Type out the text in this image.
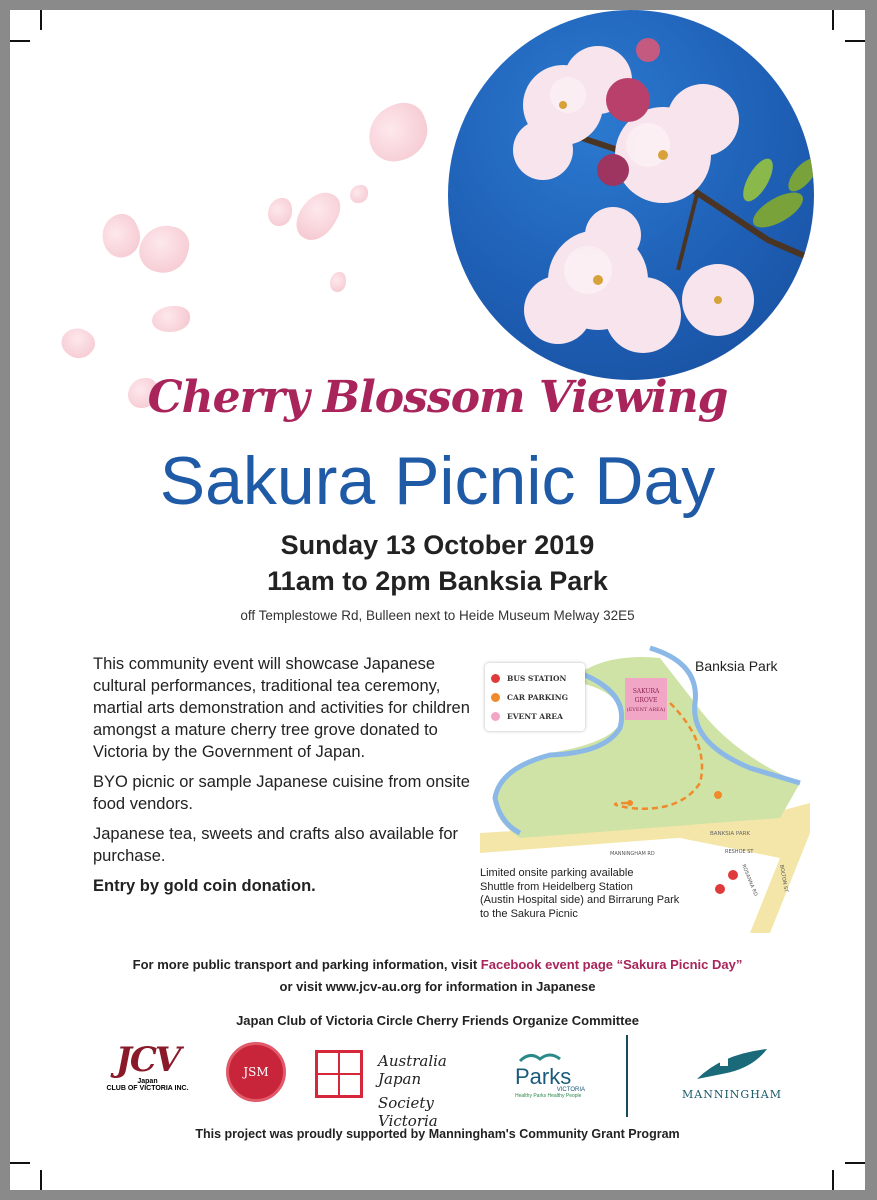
Cherry Blossom Viewing
Sakura Picnic Day
Sunday 13 October 2019
11am to 2pm Banksia Park
off Templestowe Rd, Bulleen next to Heide Museum Melway 32E5

This community event will showcase Japanese cultural performances, traditional tea ceremony, martial arts demonstration and activities for children amongst a mature cherry tree grove donated to Victoria by the Government of Japan.

BYO picnic or sample Japanese cuisine from onsite food vendors.

Japanese tea, sweets and crafts also available for purchase.

Entry by gold coin donation.

SAKURA
GROVE
(EVENT AREA)
BANKSIA PARK
MANNINGHAM RD	RESHOE ST
ROSANNA RD	BOLTON ST
Banksia Park
BUS STATION
CAR PARKING
EVENT AREA
Limited onsite parking available
Shuttle from Heidelberg Station
(Austin Hospital side) and Birrarung Park
to the Sakura Picnic
For more public transport and parking information, visit Facebook event page “Sakura Picnic Day”
or visit www.jcv-au.org for information in Japanese
Japan Club of Victoria Circle Cherry Friends Organize Committee
JCV
Japan
CLUB OF VICTORIA INC.
JSM
Australia Japan
Society Victoria
Parks
VICTORIA
Healthy Parks Healthy People	MANNINGHAM
This project was proudly supported by Manningham's Community Grant Program
